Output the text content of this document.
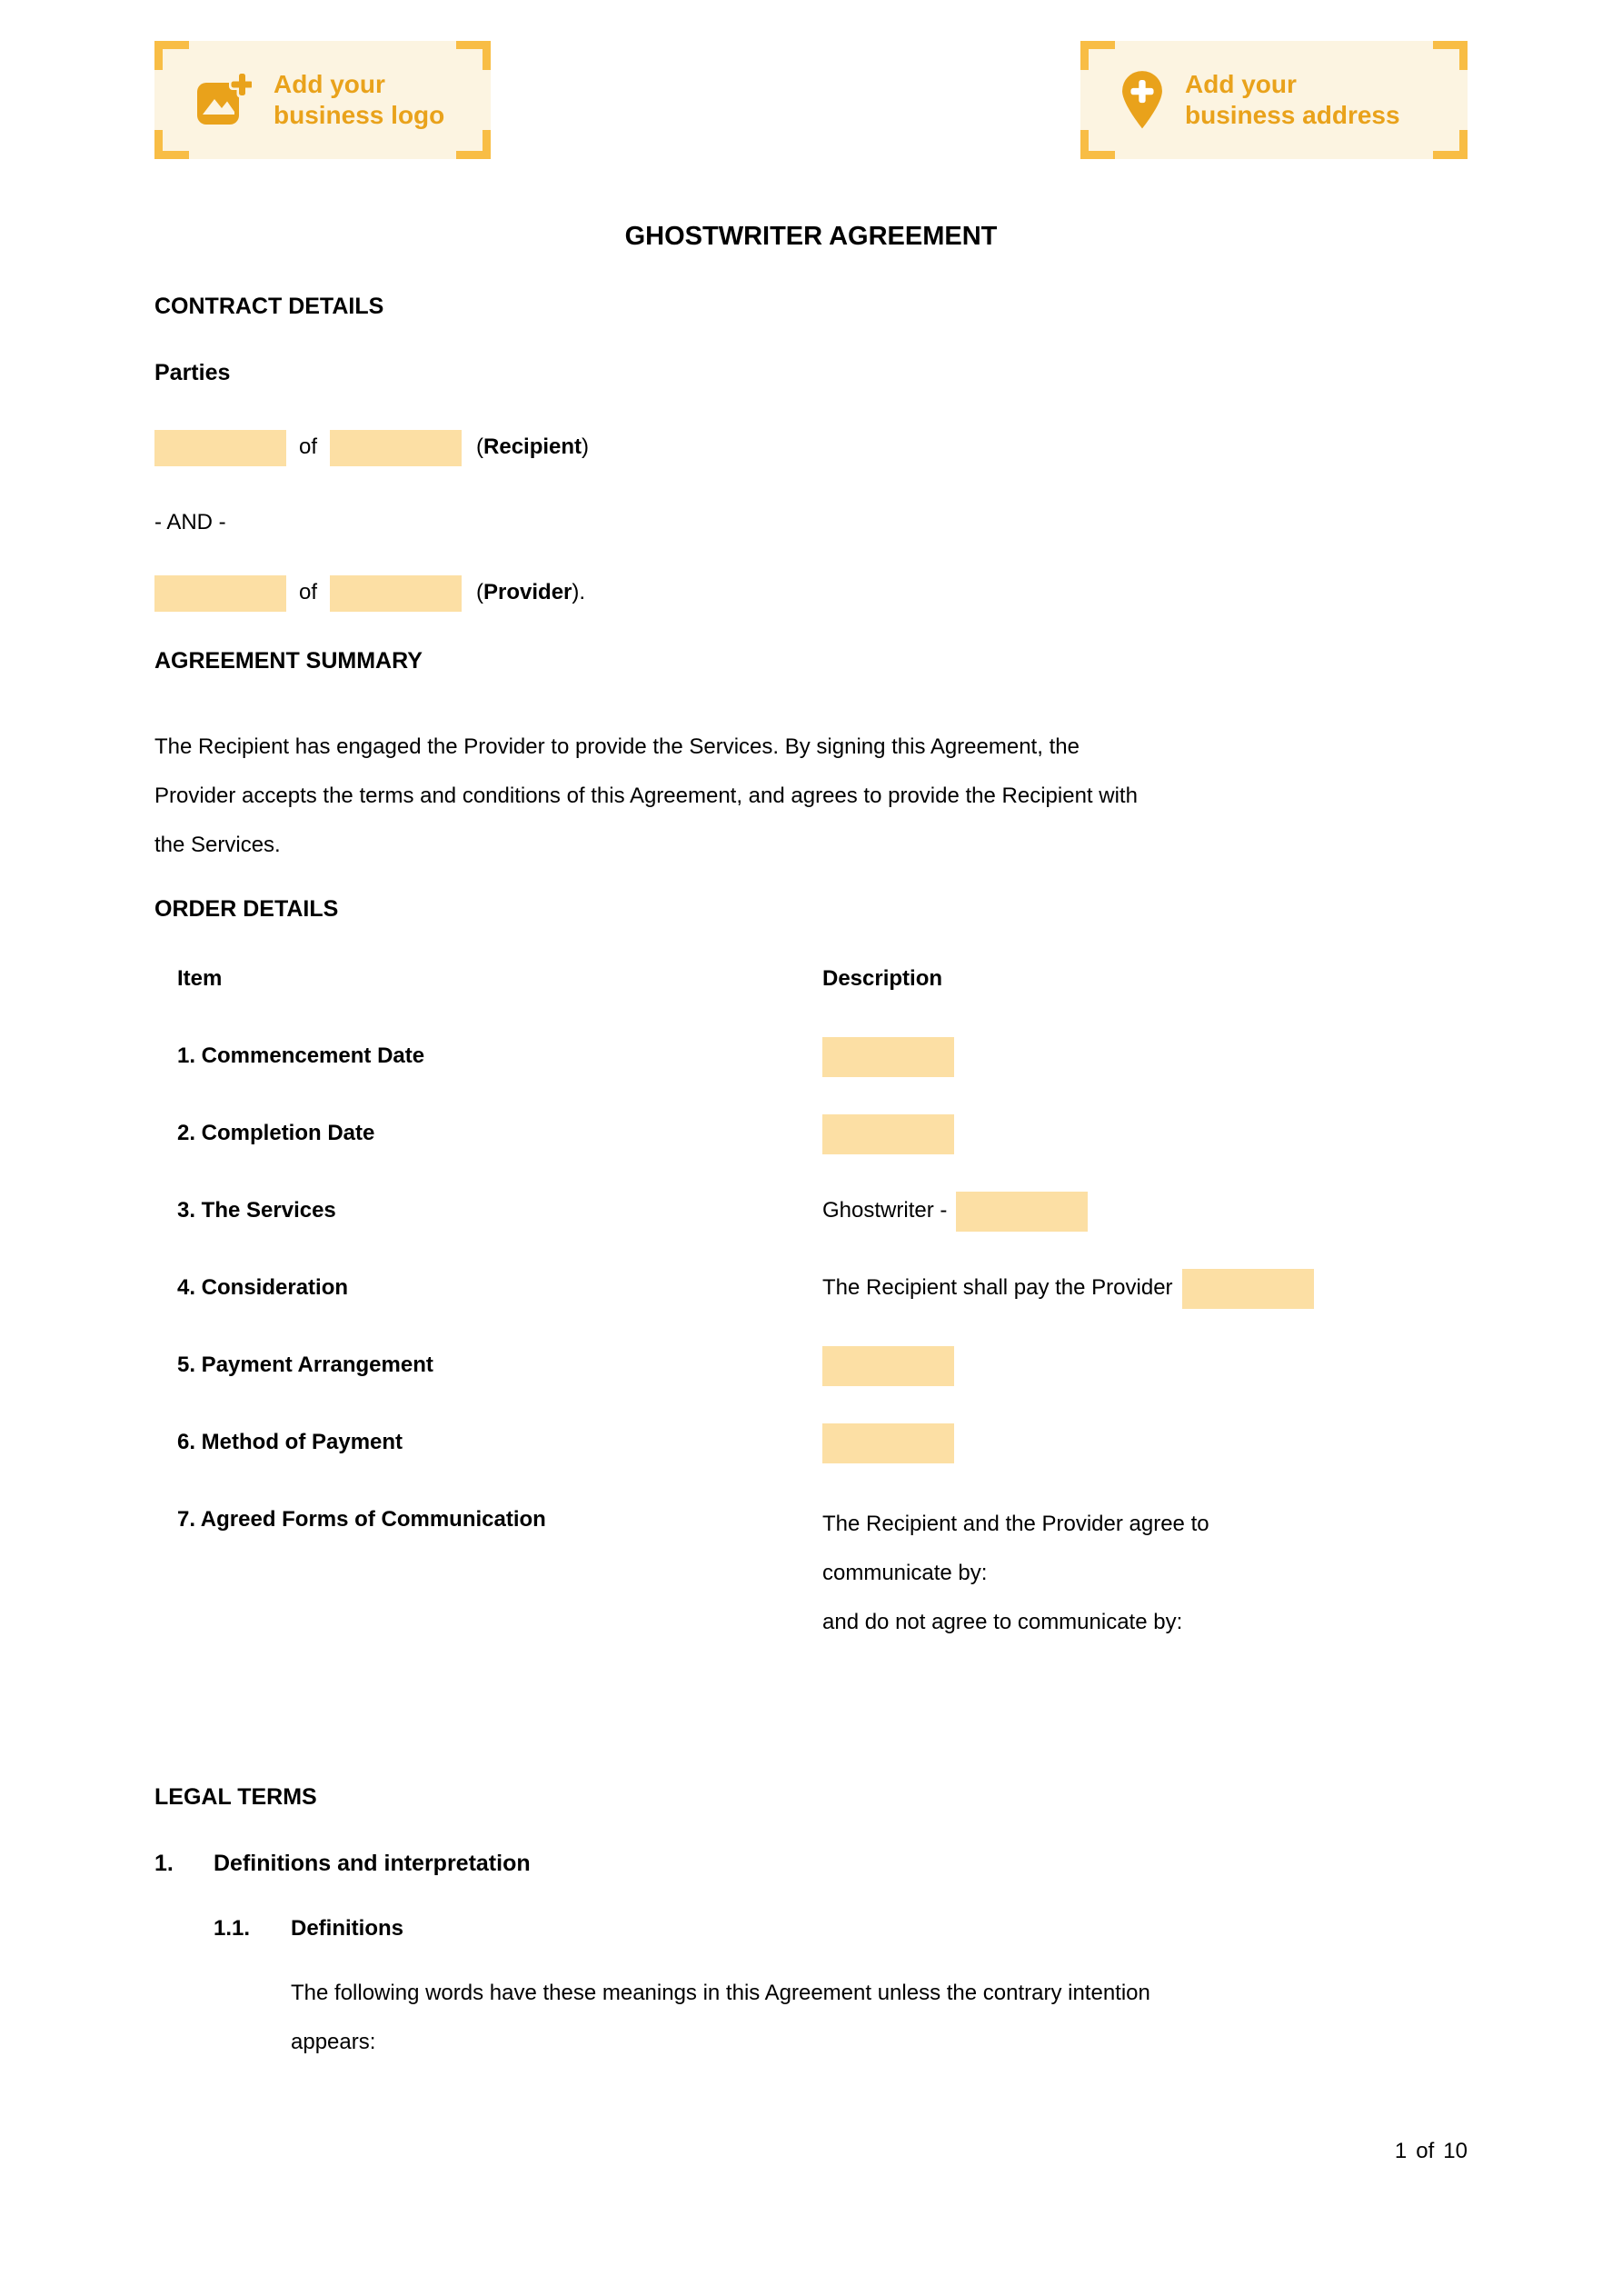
Add your business logo
Add your business address
GHOSTWRITER AGREEMENT
CONTRACT DETAILS
Parties

of	(Recipient)

- AND -

of	(Provider).

AGREEMENT SUMMARY

The Recipient has engaged the Provider to provide the Services. By signing this Agreement, the
Provider accepts the terms and conditions of this Agreement, and agrees to provide the Recipient with
the Services.

ORDER DETAILS
Item	Description
1. Commencement Date
2. Completion Date
3. The Services	Ghostwriter -
4. Consideration	The Recipient shall pay the Provider
5. Payment Arrangement
6. Method of Payment
7. Agreed Forms of Communication	The Recipient and the Provider agree to
communicate by:
and do not agree to communicate by:
LEGAL TERMS
1.	Definitions and interpretation
1.1.	Definitions

The following words have these meanings in this Agreement unless the contrary intention
appears:

1 of 10
